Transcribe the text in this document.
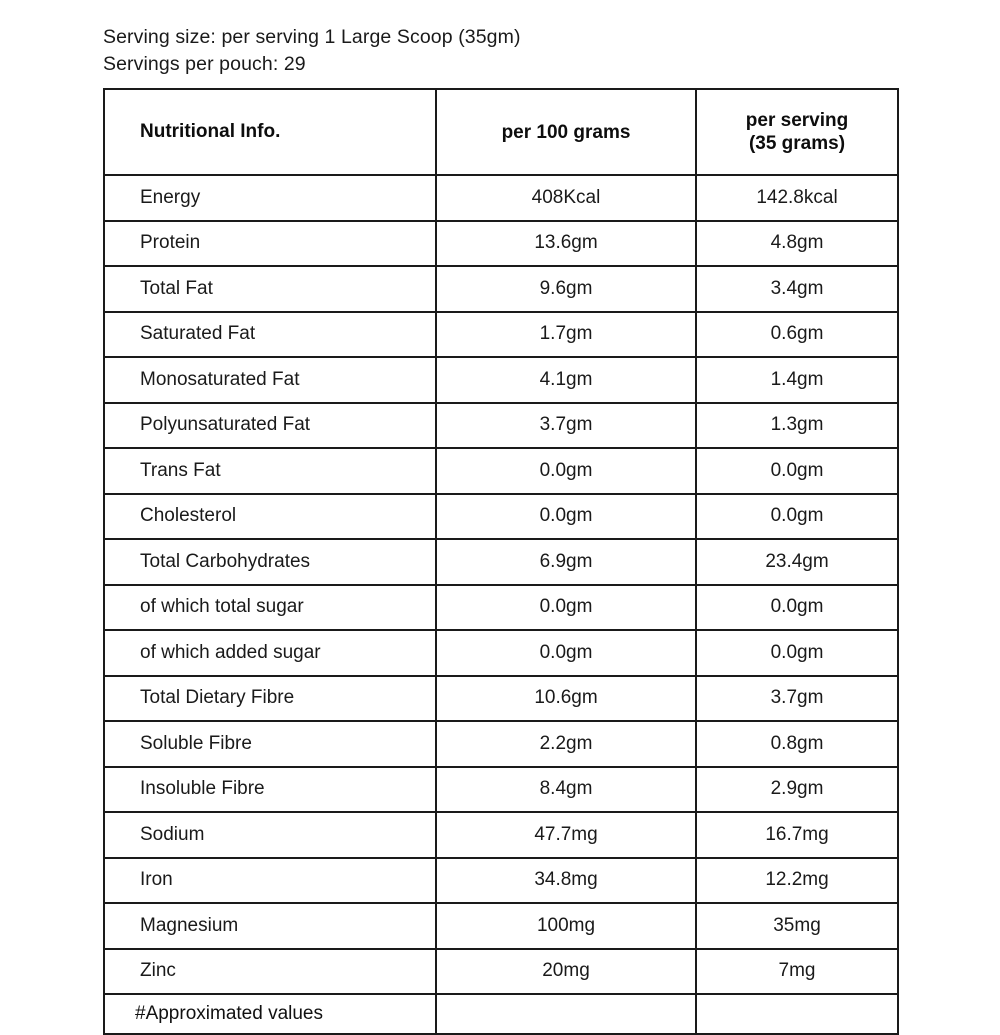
Serving size: per serving 1 Large Scoop (35gm)
Servings per pouch: 29
Nutritional Info.	per 100 grams	per serving
(35 grams)

Energy	408Kcal	142.8kcal
Protein	13.6gm	4.8gm
Total Fat	9.6gm	3.4gm
Saturated Fat	1.7gm	0.6gm
Monosaturated Fat	4.1gm	1.4gm
Polyunsaturated Fat	3.7gm	1.3gm
Trans Fat	0.0gm	0.0gm
Cholesterol	0.0gm	0.0gm
Total Carbohydrates	6.9gm	23.4gm
of which total sugar	0.0gm	0.0gm
of which added sugar	0.0gm	0.0gm
Total Dietary Fibre	10.6gm	3.7gm
Soluble Fibre	2.2gm	0.8gm
Insoluble Fibre	8.4gm	2.9gm
Sodium	47.7mg	16.7mg
Iron	34.8mg	12.2mg
Magnesium	100mg	35mg
Zinc	20mg	7mg
#Approximated values		
